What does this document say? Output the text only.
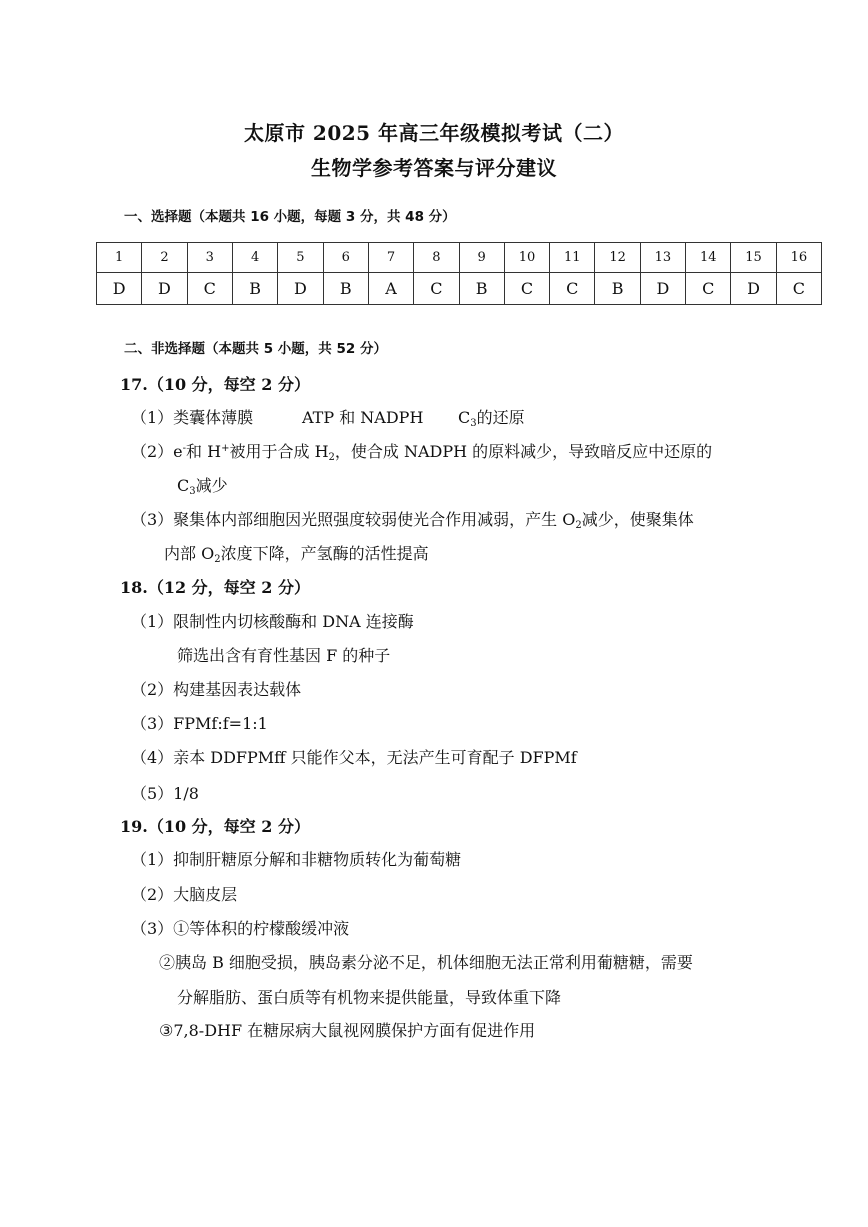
太原市 2025 年高三年级模拟考试（二）
生物学参考答案与评分建议
一、选择题（本题共 16 小题，每题 3 分，共 48 分）
1	2	3	4	5	6	7	8	9	10	11	12	13	14	15	16
D	D	C	B	D	B	A	C	B	C	C	B	D	C	D	C
二、非选择题（本题共 5 小题，共 52 分）
17.（10 分，每空 2 分）
（1）类囊体薄膜	ATP 和 NADPH $C_3$的还原
（2）e-和 H+被用于合成 $H_2$，使合成 NADPH 的原料减少，导致暗反应中还原的
$C_3$减少
（3）聚集体内部细胞因光照强度较弱使光合作用减弱，产生 $O_2$减少，使聚集体
内部 $O_2$浓度下降，产氢酶的活性提高
18.（12 分，每空 2 分）
（1）限制性内切核酸酶和 DNA 连接酶
筛选出含有育性基因 F 的种子
（2）构建基因表达载体
（3）FPMf:f=1:1
（4）亲本 DDFPMff 只能作父本，无法产生可育配子 DFPMf
（5）1/8
19.（10 分，每空 2 分）
（1）抑制肝糖原分解和非糖物质转化为葡萄糖
（2）大脑皮层
（3）①等体积的柠檬酸缓冲液
②胰岛 B 细胞受损，胰岛素分泌不足，机体细胞无法正常利用葡糖糖，需要
分解脂肪、蛋白质等有机物来提供能量，导致体重下降
③7,8-DHF 在糖尿病大鼠视网膜保护方面有促进作用
